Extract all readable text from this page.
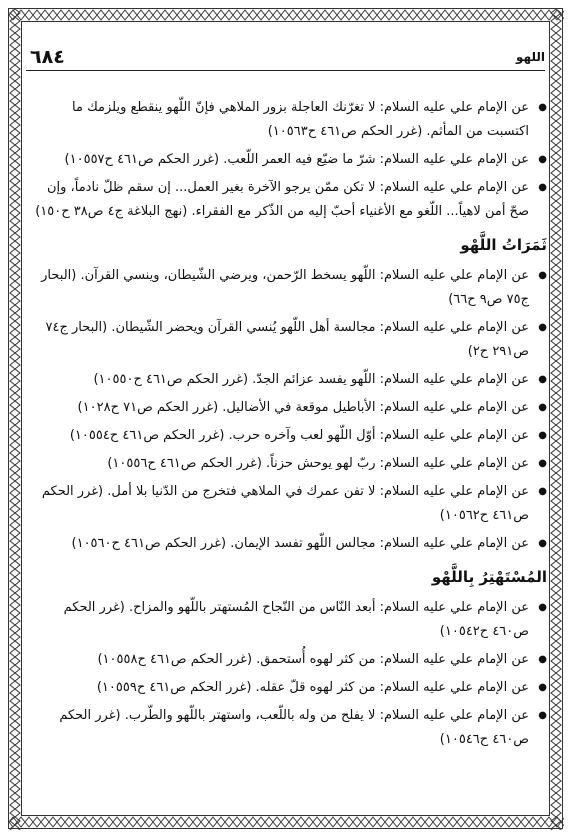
اللهو
٦٨٤
● عن الإمام علي عليه السلام: لا تغرّنك العاجلة بزور الملاهي فإنّ اللّهو ينقطع ويلزمك ما اكتسبت من المأثم. (غرر الحكم ص٤٦١ ح١٠٥٦٣)
● عن الإمام علي عليه السلام: شرّ ما ضيّع فيه العمر اللّعب. (غرر الحكم ص٤٦١ ح١٠٥٥٧)
● عن الإمام علي عليه السلام: لا تكن ممّن يرجو الآخرة بغير العمل... إن سقم ظلّ نادماً، وإن صحّ أمن لاهياً... اللّغو مع الأغنياء أحبّ إليه من الذّكر مع الفقراء. (نهج البلاغة ج٤ ص٣٨ ح١٥٠)
ثَمَرَاتُ اللَّهْو
● عن الإمام علي عليه السلام: اللّهو يسخط الرّحمن، ويرضي الشّيطان، وينسي القرآن. (البحار ج٧٥ ص٩ ح٦٦)
● عن الإمام علي عليه السلام: مجالسة أهل اللّهو يُنسي القرآن ويحضر الشّيطان. (البحار ج٧٤ ص٢٩١ ح٢)
● عن الإمام علي عليه السلام: اللّهو يفسد عزائم الجدّ. (غرر الحكم ص٤٦١ ح١٠٥٥٠)
● عن الإمام علي عليه السلام: الأباطيل موقعة في الأضاليل. (غرر الحكم ص٧١ ح١٠٢٨)
● عن الإمام علي عليه السلام: أوّل اللّهو لعب وآخره حرب. (غرر الحكم ص٤٦١ ح١٠٥٥٤)
● عن الإمام علي عليه السلام: ربّ لهو يوحش حزناً. (غرر الحكم ص٤٦١ ح١٠٥٥٦)
● عن الإمام علي عليه السلام: لا تفن عمرك في الملاهي فتخرج من الدّنيا بلا أمل. (غرر الحكم ص٤٦١ ح١٠٥٦٢)
● عن الإمام علي عليه السلام: مجالس اللّهو تفسد الإيمان. (غرر الحكم ص٤٦١ ح١٠٥٦٠)
المُسْتَهْتِرُ بِاللَّهْو
● عن الإمام علي عليه السلام: أبعد النّاس من النّجاح المُستهتر باللّهو والمزاح. (غرر الحكم ص٤٦٠ ح١٠٥٤٢)
● عن الإمام علي عليه السلام: من كثر لهوه أُستحمق. (غرر الحكم ص٤٦١ ح١٠٥٥٨)
● عن الإمام علي عليه السلام: من كثر لهوه قلّ عقله. (غرر الحكم ص٤٦١ ح١٠٥٥٩)
● عن الإمام علي عليه السلام: لا يفلح من وله باللّعب، واستهتر باللّهو والطّرب. (غرر الحكم ص٤٦٠ ح١٠٥٤٦)
